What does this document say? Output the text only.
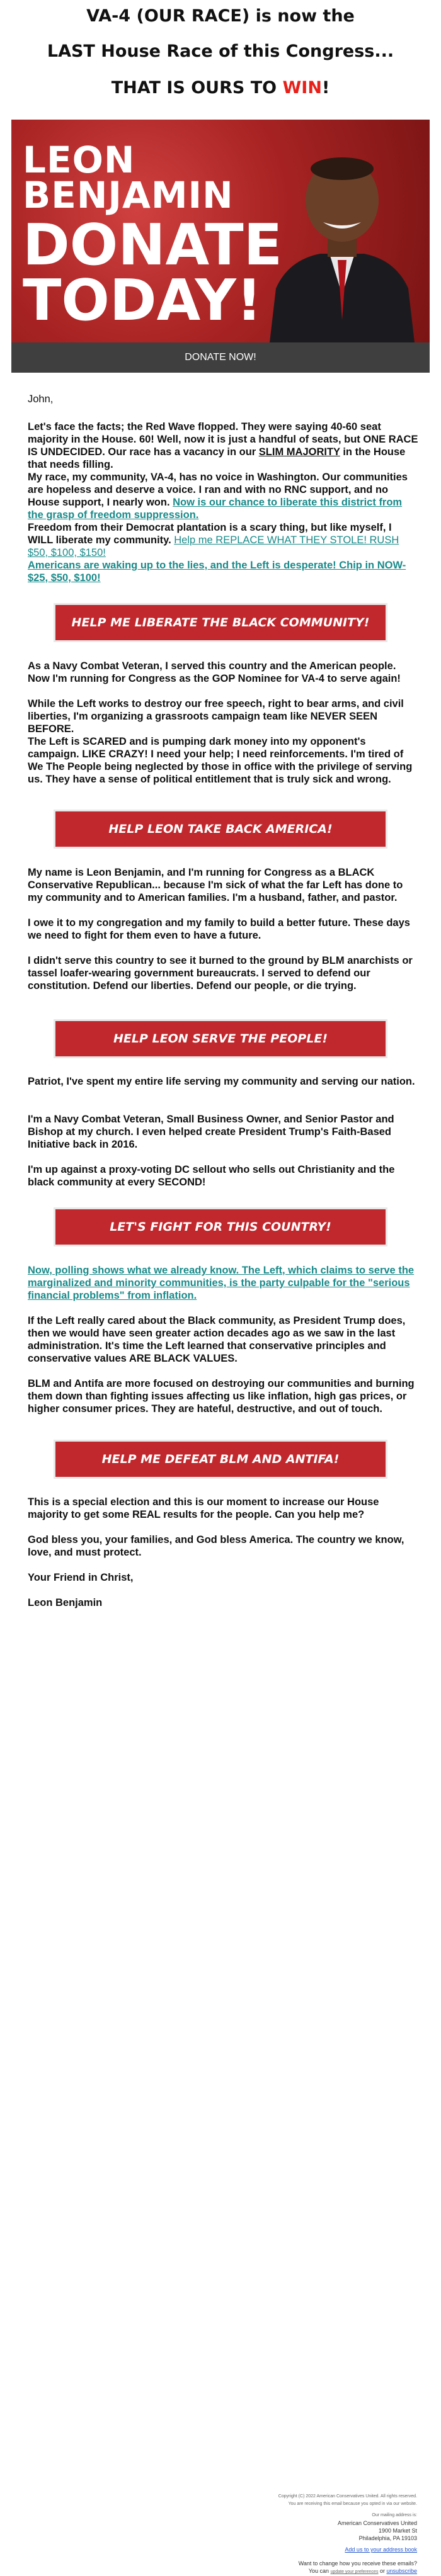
VA-4 (OUR RACE) is now the
LAST House Race of this Congress...
THAT IS OURS TO WIN!
LEON
BENJAMIN
DONATE
TODAY!
DONATE NOW!
John,
Let's face the facts; the Red Wave flopped. They were saying 40-60 seat majority in the House. 60! Well, now it is just a handful of seats, but ONE RACE IS UNDECIDED. Our race has a vacancy in our SLIM MAJORITY in the House that needs filling.
My race, my community, VA-4, has no voice in Washington. Our communities are hopeless and deserve a voice. I ran and with no RNC support, and no House support, I nearly won. Now is our chance to liberate this district from the grasp of freedom suppression.
Freedom from their Democrat plantation is a scary thing, but like myself, I WILL liberate my community. Help me REPLACE WHAT THEY STOLE! RUSH $50, $100, $150!
Americans are waking up to the lies, and the Left is desperate! Chip in NOW- $25, $50, $100!
HELP ME LIBERATE THE BLACK COMMUNITY!
As a Navy Combat Veteran, I served this country and the American people. Now I'm running for Congress as the GOP Nominee for VA-4 to serve again!
While the Left works to destroy our free speech, right to bear arms, and civil liberties, I'm organizing a grassroots campaign team like NEVER SEEN BEFORE.
The Left is SCARED and is pumping dark money into my opponent's campaign. LIKE CRAZY! I need your help; I need reinforcements. I'm tired of We The People being neglected by those in office with the privilege of serving us. They have a sense of political entitlement that is truly sick and wrong.
HELP LEON TAKE BACK AMERICA!
My name is Leon Benjamin, and I'm running for Congress as a BLACK Conservative Republican... because I'm sick of what the far Left has done to my community and to American families. I'm a husband, father, and pastor.
I owe it to my congregation and my family to build a better future. These days we need to fight for them even to have a future.
I didn't serve this country to see it burned to the ground by BLM anarchists or tassel loafer-wearing government bureaucrats. I served to defend our constitution. Defend our liberties. Defend our people, or die trying.
HELP LEON SERVE THE PEOPLE!
Patriot, I've spent my entire life serving my community and serving our nation.
I'm a Navy Combat Veteran, Small Business Owner, and Senior Pastor and Bishop at my church. I even helped create President Trump's Faith-Based Initiative back in 2016.
I'm up against a proxy-voting DC sellout who sells out Christianity and the black community at every SECOND!
LET'S FIGHT FOR THIS COUNTRY!
Now, polling shows what we already know. The Left, which claims to serve the marginalized and minority communities, is the party culpable for the "serious financial problems" from inflation.
If the Left really cared about the Black community, as President Trump does, then we would have seen greater action decades ago as we saw in the last administration. It's time the Left learned that conservative principles and conservative values ARE BLACK VALUES.
BLM and Antifa are more focused on destroying our communities and burning them down than fighting issues affecting us like inflation, high gas prices, or higher consumer prices. They are hateful, destructive, and out of touch.
HELP ME DEFEAT BLM AND ANTIFA!
This is a special election and this is our moment to increase our House majority to get some REAL results for the people. Can you help me?
God bless you, your families, and God bless America. The country we know, love, and must protect.
Your Friend in Christ,
Leon Benjamin
Copyright (C) 2022 American Conservatives United. All rights reserved.
You are receiving this email because you opted in via our website.
Our mailing address is:
American Conservatives United
1900 Market St
Philadelphia, PA 19103
Add us to your address book
Want to change how you receive these emails?
You can update your preferences or unsubscribe
